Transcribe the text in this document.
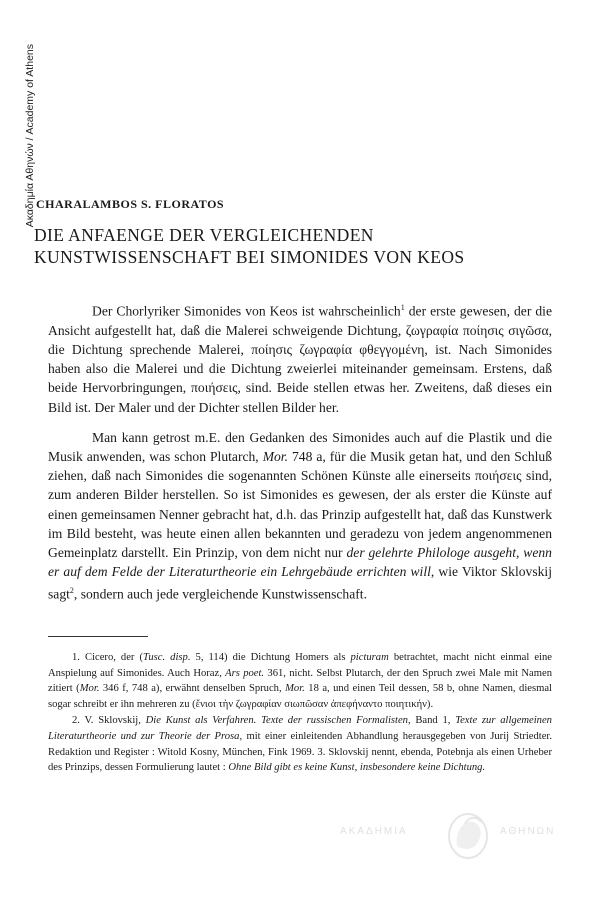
Ακαδημία Αθηνών / Academy of Athens CHARALAMBOS S. FLORATOS
DIE ANFAENGE DER VERGLEICHENDEN
KUNSTWISSENSCHAFT BEI SIMONIDES VON KEOS

Der Chorlyriker Simonides von Keos ist wahrscheinlich$^1$ der erste gewesen, der die Ansicht aufgestellt hat, daß die Malerei schweigende Dichtung, ζωγραφία ποίησις σιγῶσα, die Dichtung sprechende Malerei, ποίησις ζωγραφία φθεγγομένη, ist. Nach Simonides haben also die Malerei und die Dichtung zweierlei miteinander gemeinsam. Erstens, daß beide Hervorbringungen, ποιήσεις, sind. Beide stellen etwas her. Zweitens, daß dieses ein Bild ist. Der Maler und der Dichter stellen Bilder her.

Man kann getrost m.E. den Gedanken des Simonides auch auf die Plastik und die Musik anwenden, was schon Plutarch, Mor. 748 a, für die Musik getan hat, und den Schluß ziehen, daß nach Simonides die sogenannten Schönen Künste alle einerseits ποιήσεις sind, zum anderen Bilder herstellen. So ist Simonides es gewesen, der als erster die Künste auf einen gemeinsamen Nenner gebracht hat, d.h. das Prinzip aufgestellt hat, daß das Kunstwerk im Bild besteht, was heute einen allen bekannten und geradezu von jedem angenommenen Gemeinplatz darstellt. Ein Prinzip, von dem nicht nur der gelehrte Philologe ausgeht, wenn er auf dem Felde der Literaturtheorie ein Lehrgebäude errichten will, wie Viktor Sklovskij sagt$^2$, sondern auch jede vergleichende Kunstwissenschaft.

1. Cicero, der (Tusc. disp. 5, 114) die Dichtung Homers als picturam betrachtet, macht nicht einmal eine Anspielung auf Simonides. Auch Horaz, Ars poet. 361, nicht. Selbst Plutarch, der den Spruch zwei Male mit Namen zitiert (Mor. 346 f, 748 a), erwähnt denselben Spruch, Mor. 18 a, und einen Teil dessen, 58 b, ohne Namen, diesmal sogar schreibt er ihn mehreren zu (ἔνιοι τὴν ζωγραφίαν σιωπῶσαν ἀπεφήναντο ποιητικήν).

2. V. Sklovskij, Die Kunst als Verfahren. Texte der russischen Formalisten, Band 1, Texte zur allgemeinen Literaturtheorie und zur Theorie der Prosa, mit einer einleitenden Abhandlung herausgegeben von Jurij Striedter. Redaktion und Register : Witold Kosny, München, Fink 1969. 3. Sklovskij nennt, ebenda, Potebnja als einen Urheber des Prinzips, dessen Formulierung lautet : Ohne Bild gibt es keine Kunst, insbesondere keine Dichtung.

ΑΚΑΔΗΜΙΑ	ΑΘΗΝΩΝ
